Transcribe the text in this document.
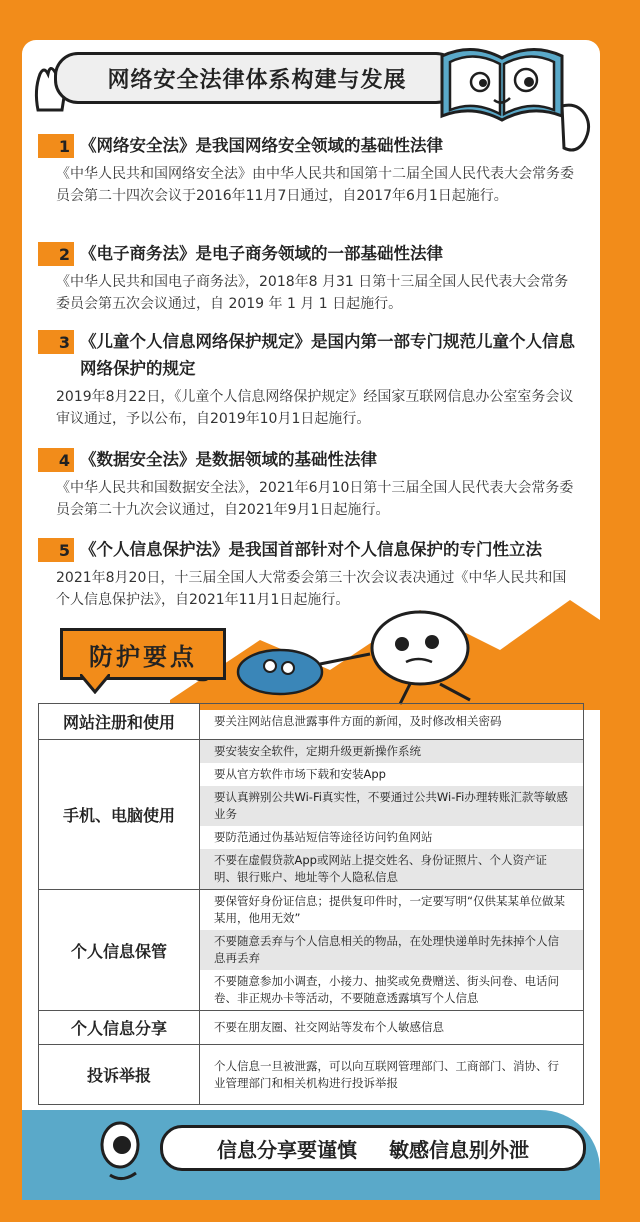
网络安全法律体系构建与发展
1 《网络安全法》是我国网络安全领域的基础性法律
《中华人民共和国网络安全法》由中华人民共和国第十二届全国人民代表大会常务委员会第二十四次会议于2016年11月7日通过，自2017年6月1日起施行。
2 《电子商务法》是电子商务领域的一部基础性法律
《中华人民共和国电子商务法》，2018年8 月31 日第十三届全国人民代表大会常务委员会第五次会议通过，自 2019 年 1 月 1 日起施行。
3 《儿童个人信息网络保护规定》是国内第一部专门规范儿童个人信息网络保护的规定
2019年8月22日，《儿童个人信息网络保护规定》经国家互联网信息办公室室务会议审议通过，予以公布，自2019年10月1日起施行。
4 《数据安全法》是数据领域的基础性法律
《中华人民共和国数据安全法》，2021年6月10日第十三届全国人民代表大会常务委员会第二十九次会议通过，自2021年9月1日起施行。
5 《个人信息保护法》是我国首部针对个人信息保护的专门性立法
2021年8月20日，十三届全国人大常委会第三十次会议表决通过《中华人民共和国个人信息保护法》，自2021年11月1日起施行。
防护要点
网站注册和使用	要关注网站信息泄露事件方面的新闻，及时修改相关密码

手机、电脑使用	要安装安全软件，定期升级更新操作系统
要从官方软件市场下载和安装App
要认真辨别公共Wi-Fi真实性，不要通过公共Wi-Fi办理转账汇款等敏感业务
要防范通过伪基站短信等途径访问钓鱼网站
不要在虚假贷款App或网站上提交姓名、身份证照片、个人资产证明、银行账户、地址等个人隐私信息

个人信息保管	要保管好身份证信息；提供复印件时，一定要写明“仅供某某单位做某某用，他用无效”
不要随意丢弃与个人信息相关的物品，在处理快递单时先抹掉个人信息再丢弃
不要随意参加小调查，小接力、抽奖或免费赠送、街头问卷、电话问卷、非正规办卡等活动，不要随意透露填写个人信息

个人信息分享	不要在朋友圈、社交网站等发布个人敏感信息

投诉举报	个人信息一旦被泄露，可以向互联网管理部门、工商部门、消协、行业管理部门和相关机构进行投诉举报
信息分享要谨慎 敏感信息别外泄
